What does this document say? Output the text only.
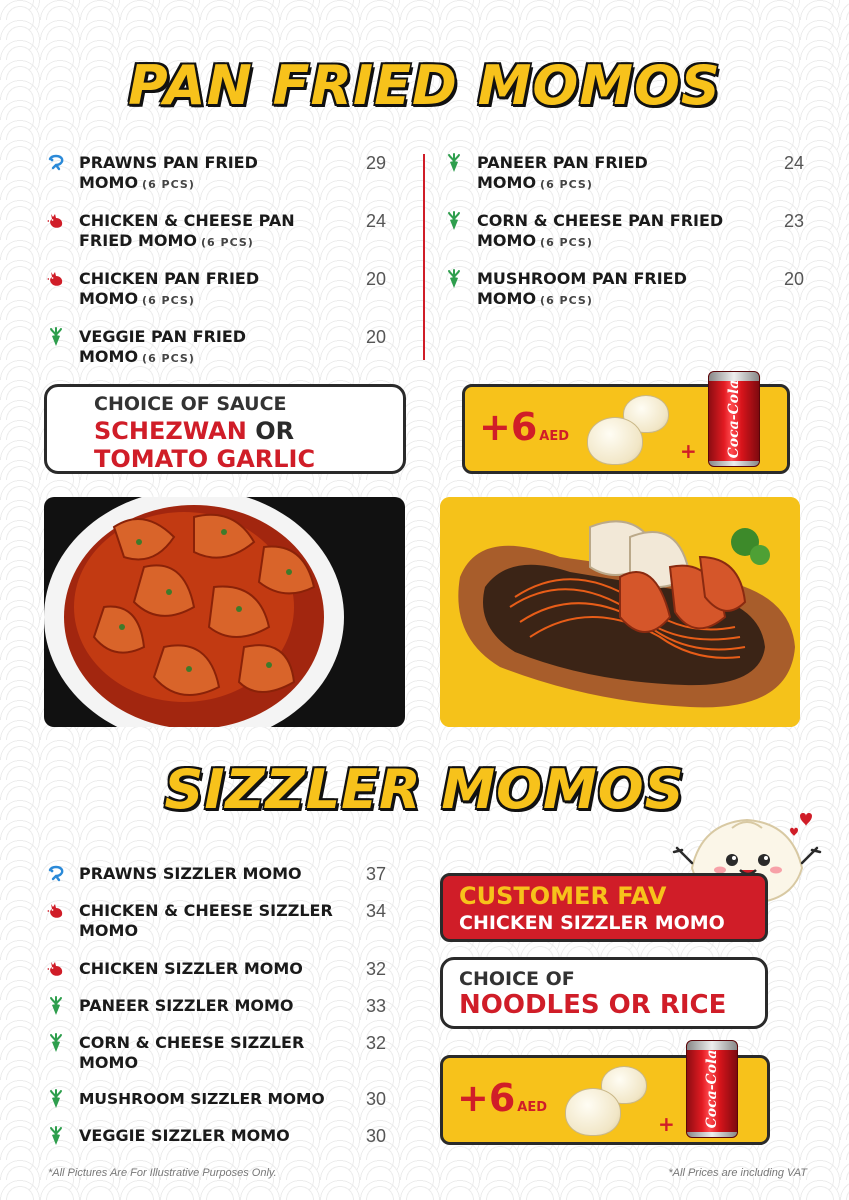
PAN FRIED MOMOS
PRAWNS PAN FRIED MOMO (6 PCS)
29
CHICKEN & CHEESE PAN FRIED MOMO (6 PCS)
24
CHICKEN PAN FRIED MOMO (6 PCS)
20
VEGGIE PAN FRIED MOMO (6 PCS)
20
PANEER PAN FRIED MOMO (6 PCS)
24
CORN & CHEESE PAN FRIED MOMO (6 PCS)
23
MUSHROOM PAN FRIED MOMO (6 PCS)
20
CHOICE OF SAUCE
SCHEZWAN OR
TOMATO GARLIC
+6 AED
+ Coca-Cola
SIZZLER MOMOS
PRAWNS SIZZLER MOMO	37
CHICKEN & CHEESE SIZZLER MOMO
34
CHICKEN SIZZLER MOMO	32
PANEER SIZZLER MOMO	33
CORN & CHEESE SIZZLER MOMO
32
MUSHROOM SIZZLER MOMO	30
VEGGIE SIZZLER MOMO	30
CUSTOMER FAV
CHICKEN SIZZLER MOMO
CHOICE OF
NOODLES OR RICE
+6 AED
+ Coca-Cola
*All Pictures Are For Illustrative Purposes Only.	*All Prices are including VAT
